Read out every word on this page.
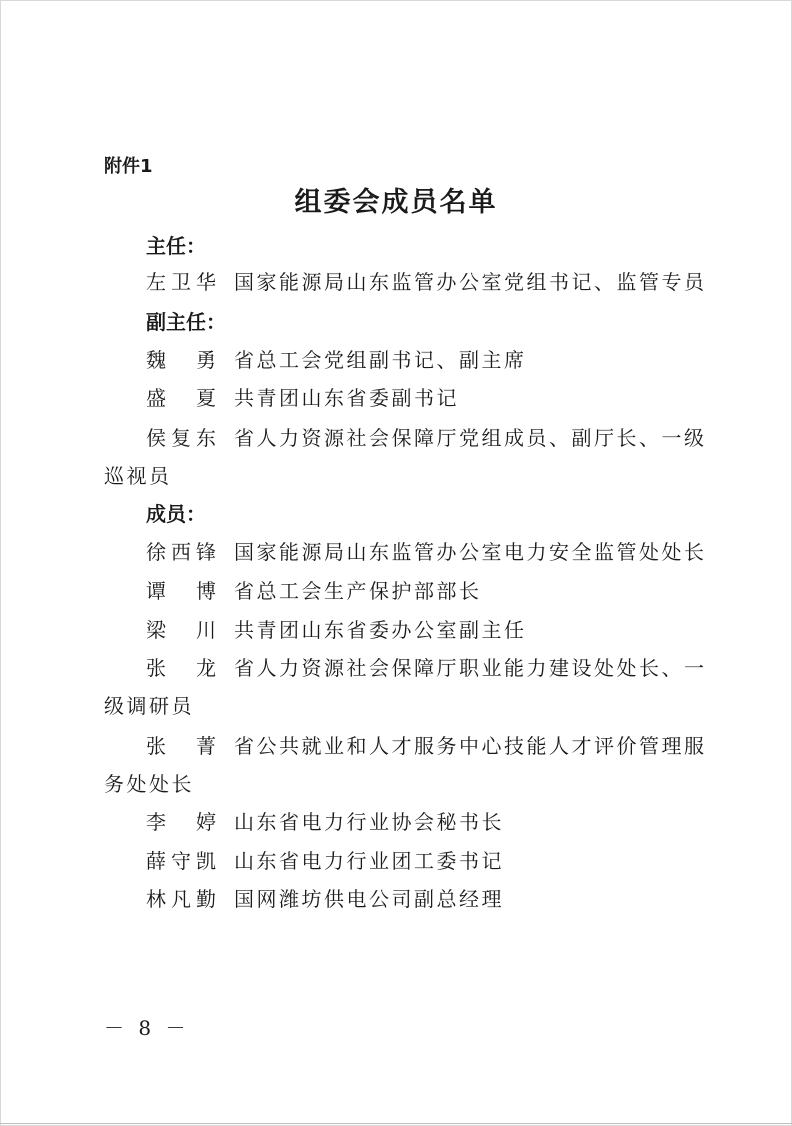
附件1
组委会成员名单
主任：
左 卫 华 国家能源局山东监管办公室党组书记、监管专员
副主任：
魏 勇 省总工会党组副书记、副主席
盛 夏 共青团山东省委副书记
侯 复 东 省人力资源社会保障厅党组成员、副厅长、一级
巡视员
成员：
徐 西 锋 国家能源局山东监管办公室电力安全监管处处长
谭 博 省总工会生产保护部部长
梁 川 共青团山东省委办公室副主任
张 龙 省人力资源社会保障厅职业能力建设处处长、一
级调研员
张 菁 省公共就业和人才服务中心技能人才评价管理服
务处处长
李 婷 山东省电力行业协会秘书长
薛 守 凯 山东省电力行业团工委书记
林 凡 勤 国网潍坊供电公司副总经理
－ 8 －
